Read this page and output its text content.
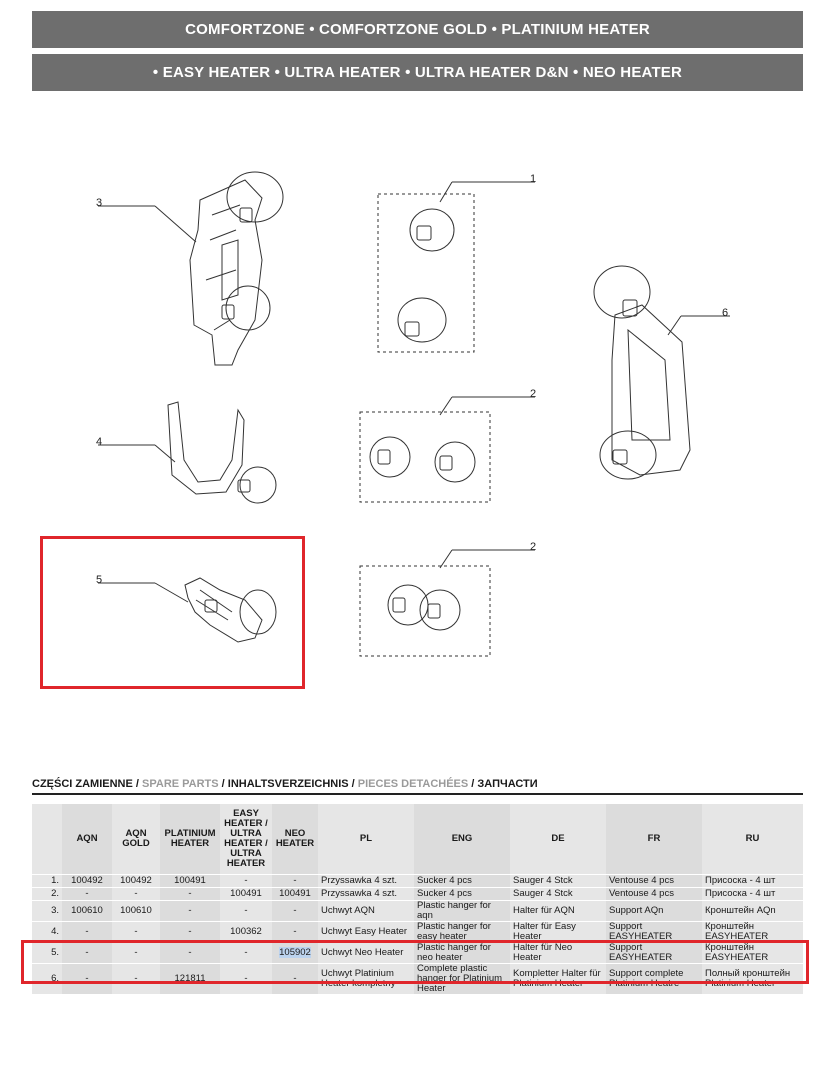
COMFORTZONE • COMFORTZONE GOLD • PLATINIUM HEATER
• EASY HEATER • ULTRA HEATER • ULTRA HEATER D&N • NEO HEATER
1
2
2
3
4
5
6
CZĘŚCI ZAMIENNE / SPARE PARTS / INHALTSVERZEICHNIS / PIECES DETACHÉES / ЗАПЧАСТИ
	AQN	AQN GOLD	PLATINIUM HEATER	EASY HEATER / ULTRA HEATER / ULTRA HEATER	NEO HEATER	PL	ENG	DE	FR	RU
1.	100492	100492	100491	-	-	Przyssawka 4 szt.	Sucker 4 pcs	Sauger 4 Stck	Ventouse 4 pcs	Присоска - 4 шт
2.	-	-	-	100491	100491	Przyssawka 4 szt.	Sucker 4 pcs	Sauger 4 Stck	Ventouse 4 pcs	Присоска - 4 шт
3.	100610	100610	-	-	-	Uchwyt AQN	Plastic hanger for aqn	Halter für AQN	Support AQn	Кронштейн AQn
4.	-	-	-	100362	-	Uchwyt Easy Heater	Plastic hanger for easy heater	Halter für Easy Heater	Support EASYHEATER	Кронштейн EASYHEATER
5.	-	-	-	-	105902	Uchwyt Neo Heater	Plastic hanger for neo heater	Halter für Neo Heater	Support EASYHEATER	Кронштейн EASYHEATER
6.	-	-	121811	-	-	Uchwyt Platinium Heater kompletny	Complete plastic hanger for Platinium Heater	Kompletter Halter für Platinium Heater	Support complete Platinium Heatre	Полный кронштейн Platinium Heater
